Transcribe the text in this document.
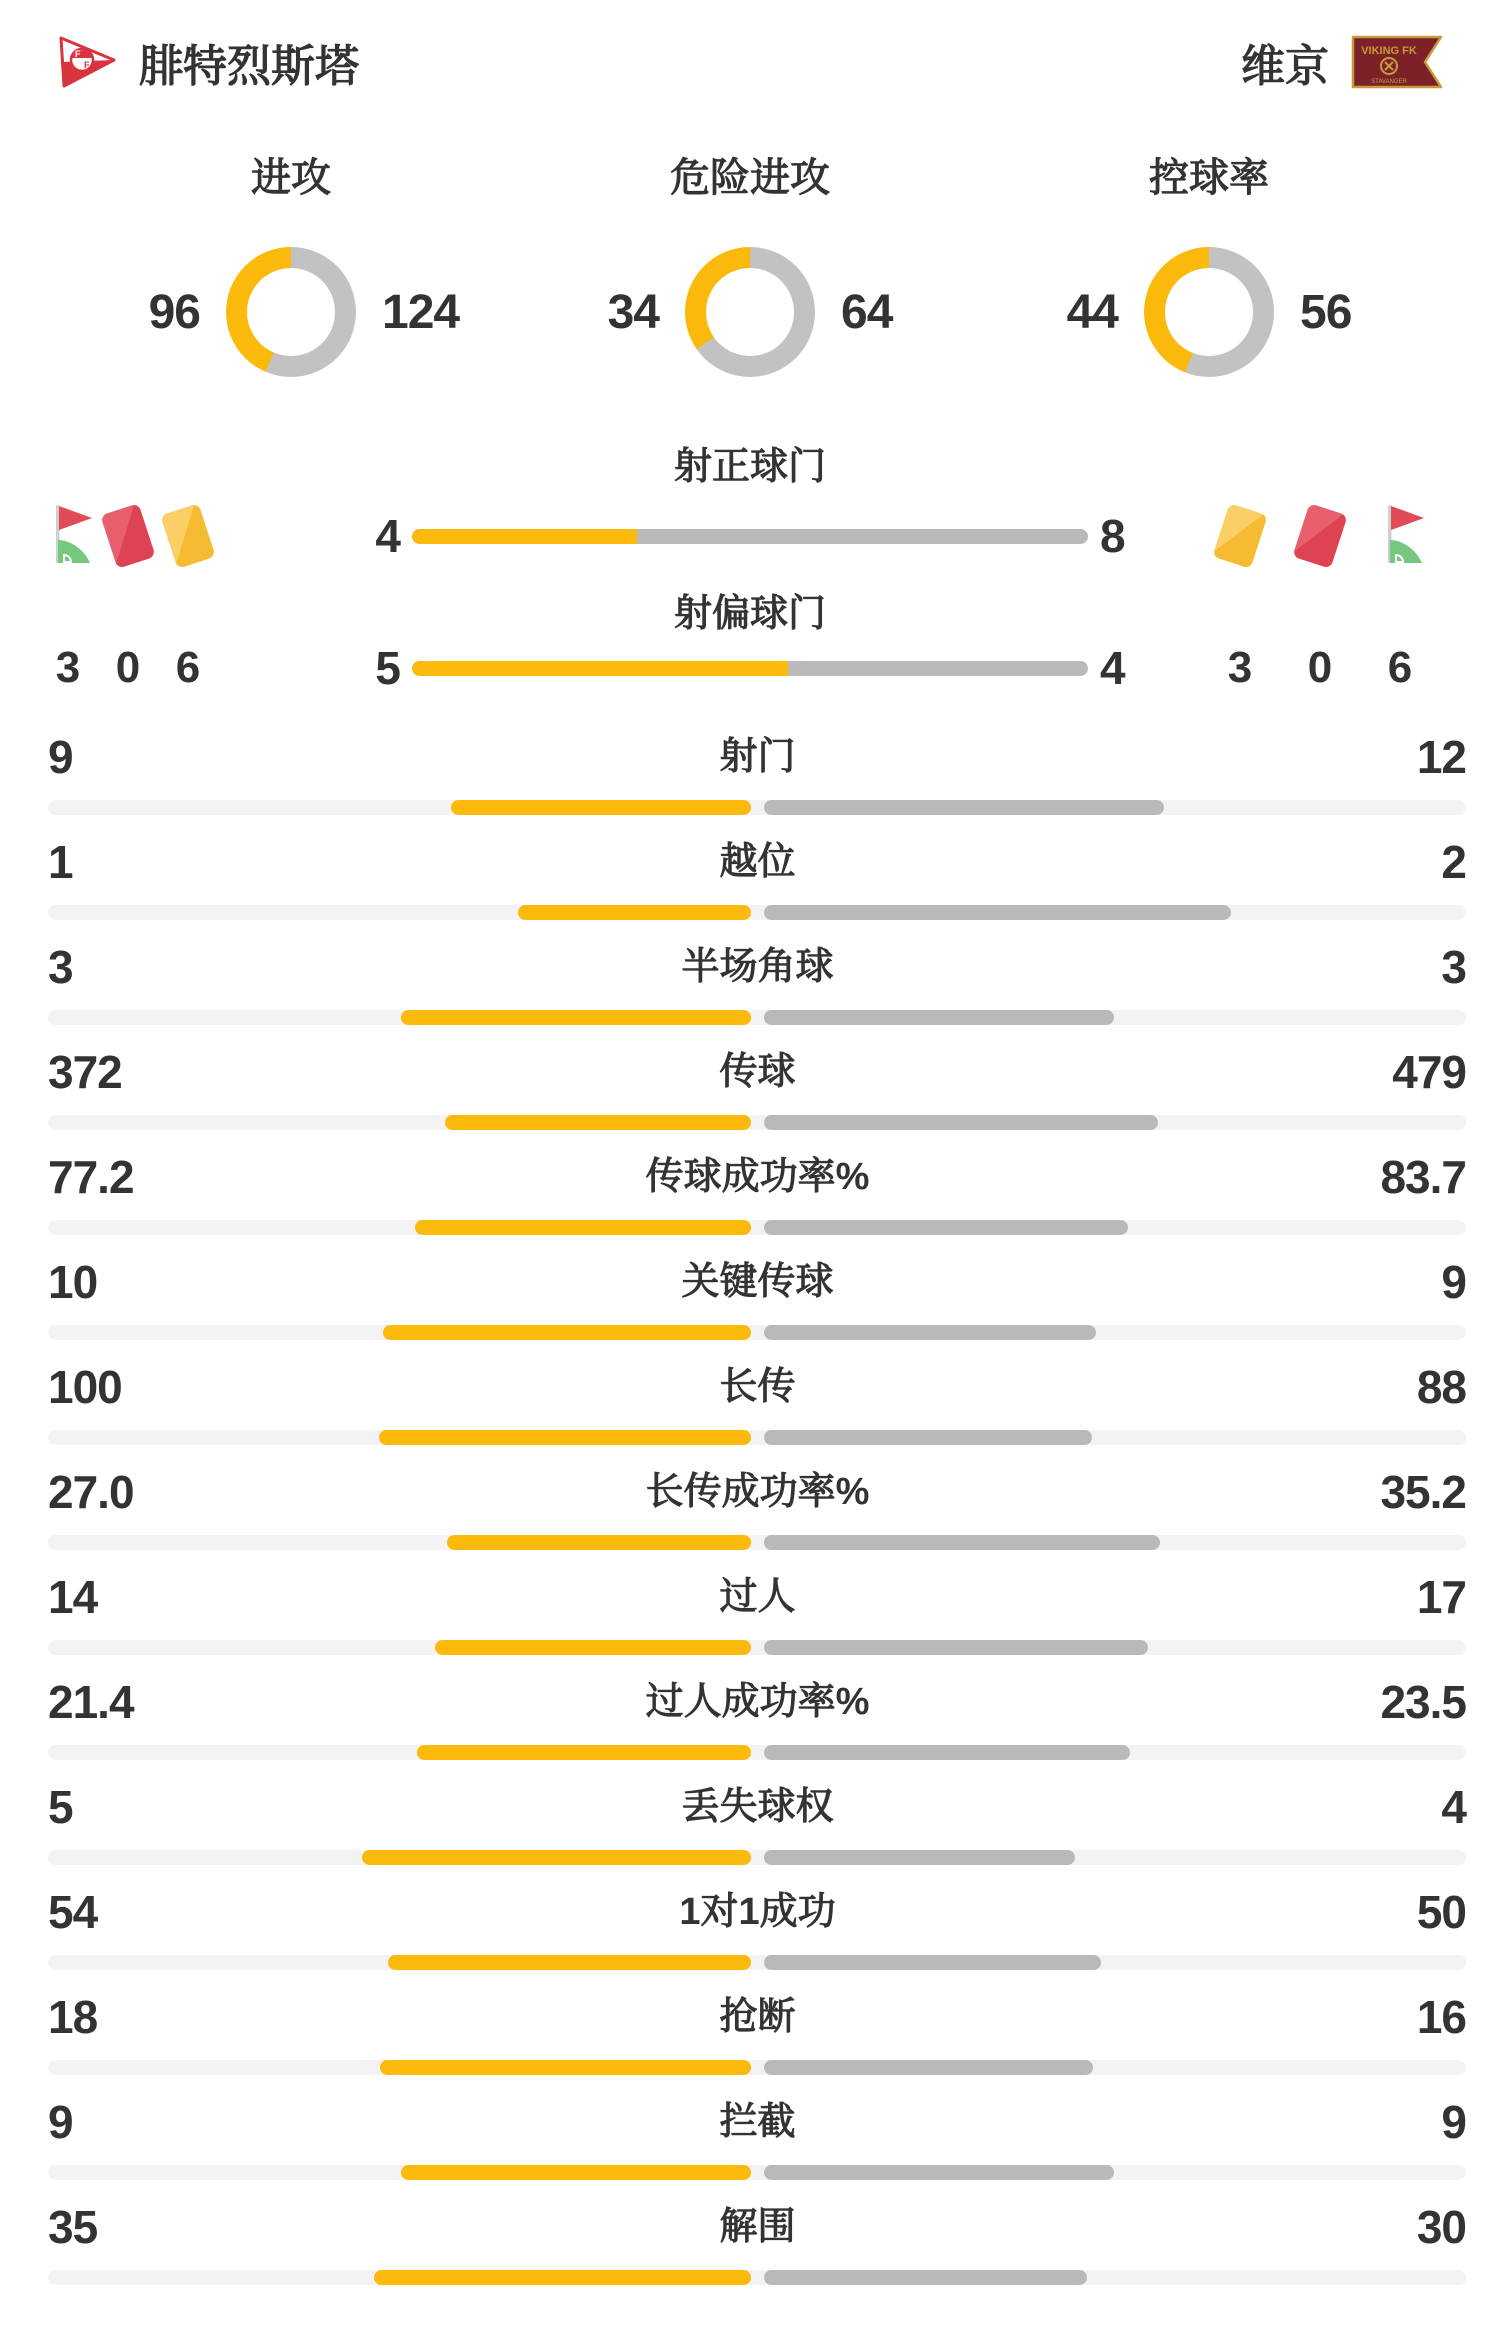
F
F 腓特烈斯塔	维京	VIKING FK
STAVANGER
进攻
96	124
危险进攻
34	64
控球率
44	56
射正球门
4	8
射偏球门
3 0 6	5	4	3	0	6
9	射门	12
1	越位	2
3	半场角球	3
372	传球	479
77.2	传球成功率%	83.7
10	关键传球	9
100	长传	88
27.0	长传成功率%	35.2
14	过人	17
21.4	过人成功率%	23.5
5	丢失球权	4
54	1对1成功	50
18	抢断	16
9	拦截	9
35	解围	30
